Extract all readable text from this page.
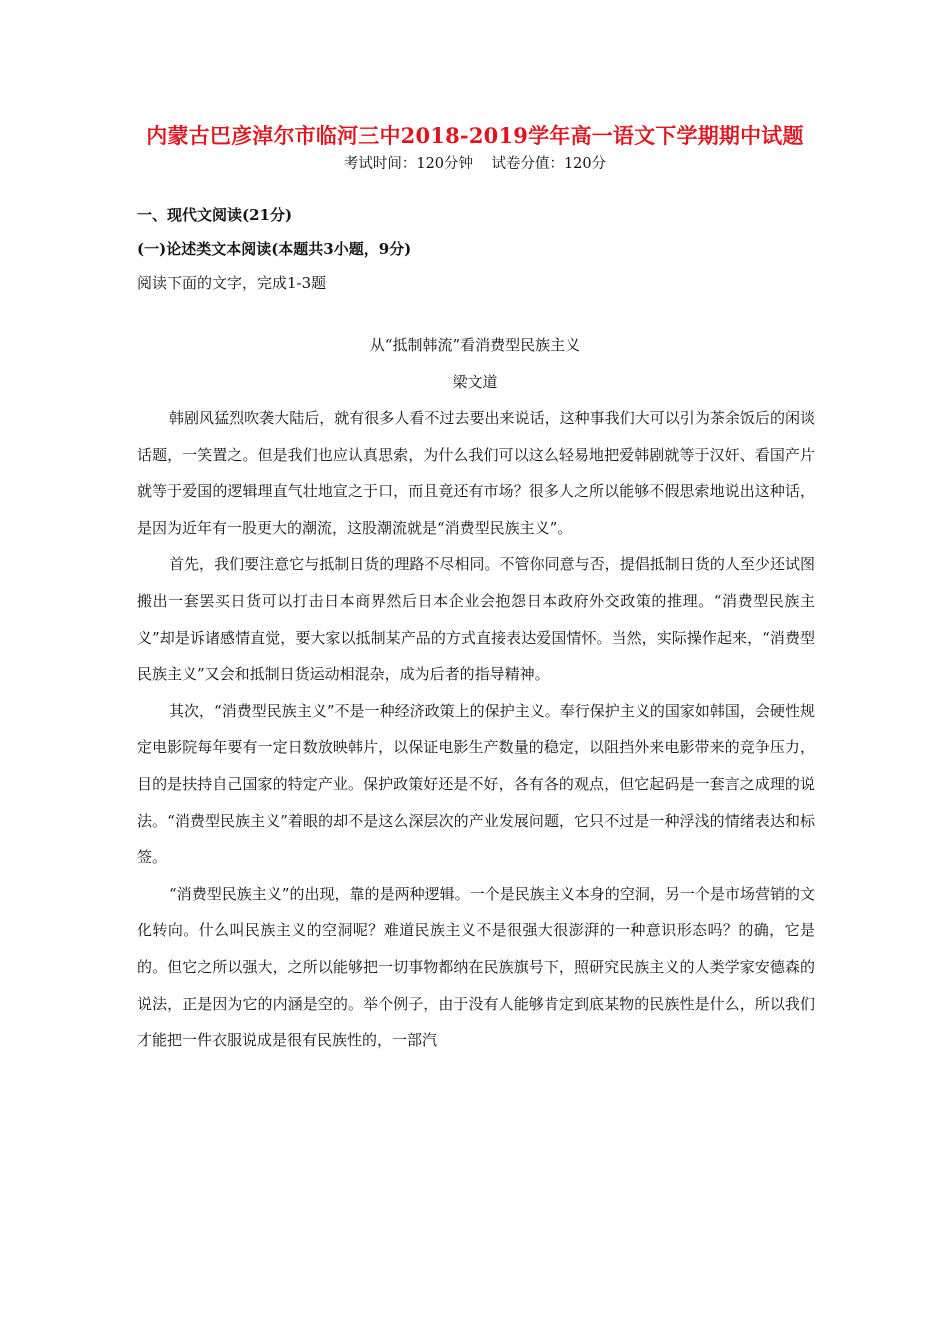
内蒙古巴彦淖尔市临河三中2018-2019学年高一语文下学期期中试题
考试时间：120分钟    试卷分值：120分
一、现代文阅读(21分)
(一)论述类文本阅读(本题共3小题，9分)
阅读下面的文字，完成1-3题
从“抵制韩流”看消费型民族主义
梁文道

韩剧风猛烈吹袭大陆后，就有很多人看不过去要出来说话，这种事我们大可以引为茶余饭后的闲谈话题，一笑置之。但是我们也应认真思索，为什么我们可以这么轻易地把爱韩剧就等于汉奸、看国产片就等于爱国的逻辑理直气壮地宣之于口，而且竟还有市场？很多人之所以能够不假思索地说出这种话，是因为近年有一股更大的潮流，这股潮流就是“消费型民族主义”。

首先，我们要注意它与抵制日货的理路不尽相同。不管你同意与否，提倡抵制日货的人至少还试图搬出一套罢买日货可以打击日本商界然后日本企业会抱怨日本政府外交政策的推理。“消费型民族主义”却是诉诸感情直觉，要大家以抵制某产品的方式直接表达爱国情怀。当然，实际操作起来，“消费型民族主义”又会和抵制日货运动相混杂，成为后者的指导精神。

其次，“消费型民族主义”不是一种经济政策上的保护主义。奉行保护主义的国家如韩国，会硬性规定电影院每年要有一定日数放映韩片，以保证电影生产数量的稳定，以阻挡外来电影带来的竞争压力，目的是扶持自己国家的特定产业。保护政策好还是不好，各有各的观点，但它起码是一套言之成理的说法。“消费型民族主义”着眼的却不是这么深层次的产业发展问题，它只不过是一种浮浅的情绪表达和标签。

“消费型民族主义”的出现，靠的是两种逻辑。一个是民族主义本身的空洞，另一个是市场营销的文化转向。什么叫民族主义的空洞呢？难道民族主义不是很强大很澎湃的一种意识形态吗？的确，它是的。但它之所以强大，之所以能够把一切事物都纳在民族旗号下，照研究民族主义的人类学家安德森的说法，正是因为它的内涵是空的。举个例子，由于没有人能够肯定到底某物的民族性是什么，所以我们才能把一件衣服说成是很有民族性的，一部汽
